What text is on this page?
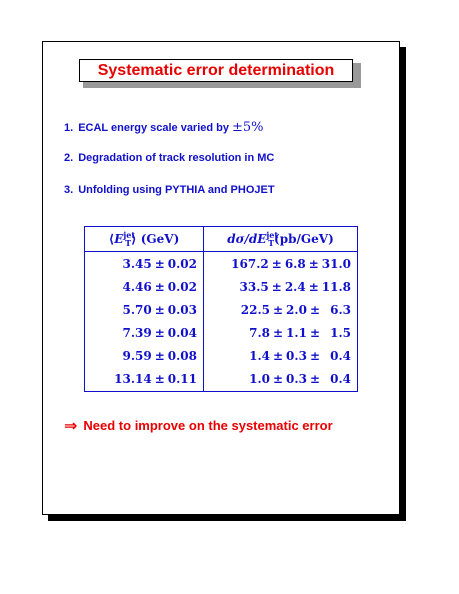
Systematic error determination
1. ECAL energy scale varied by ±5%
2. Degradation of track resolution in MC
3. Unfolding using PYTHIA and PHOJET
$⟨E^{jet}_T⟩$ (GeV)	$d\sigma/dE^{jet}_T(pb/GeV)$
3.45 ± 0.02	167.2 ± 6.8 ± 31.0
4.46 ± 0.02	33.5 ± 2.4 ± 11.8
5.70 ± 0.03	22.5 ± 2.0 ± 6.3
7.39 ± 0.04	7.8 ± 1.1 ± 1.5
9.59 ± 0.08	1.4 ± 0.3 ± 0.4
13.14 ± 0.11	1.0 ± 0.3 ± 0.4
⇒ Need to improve on the systematic error
